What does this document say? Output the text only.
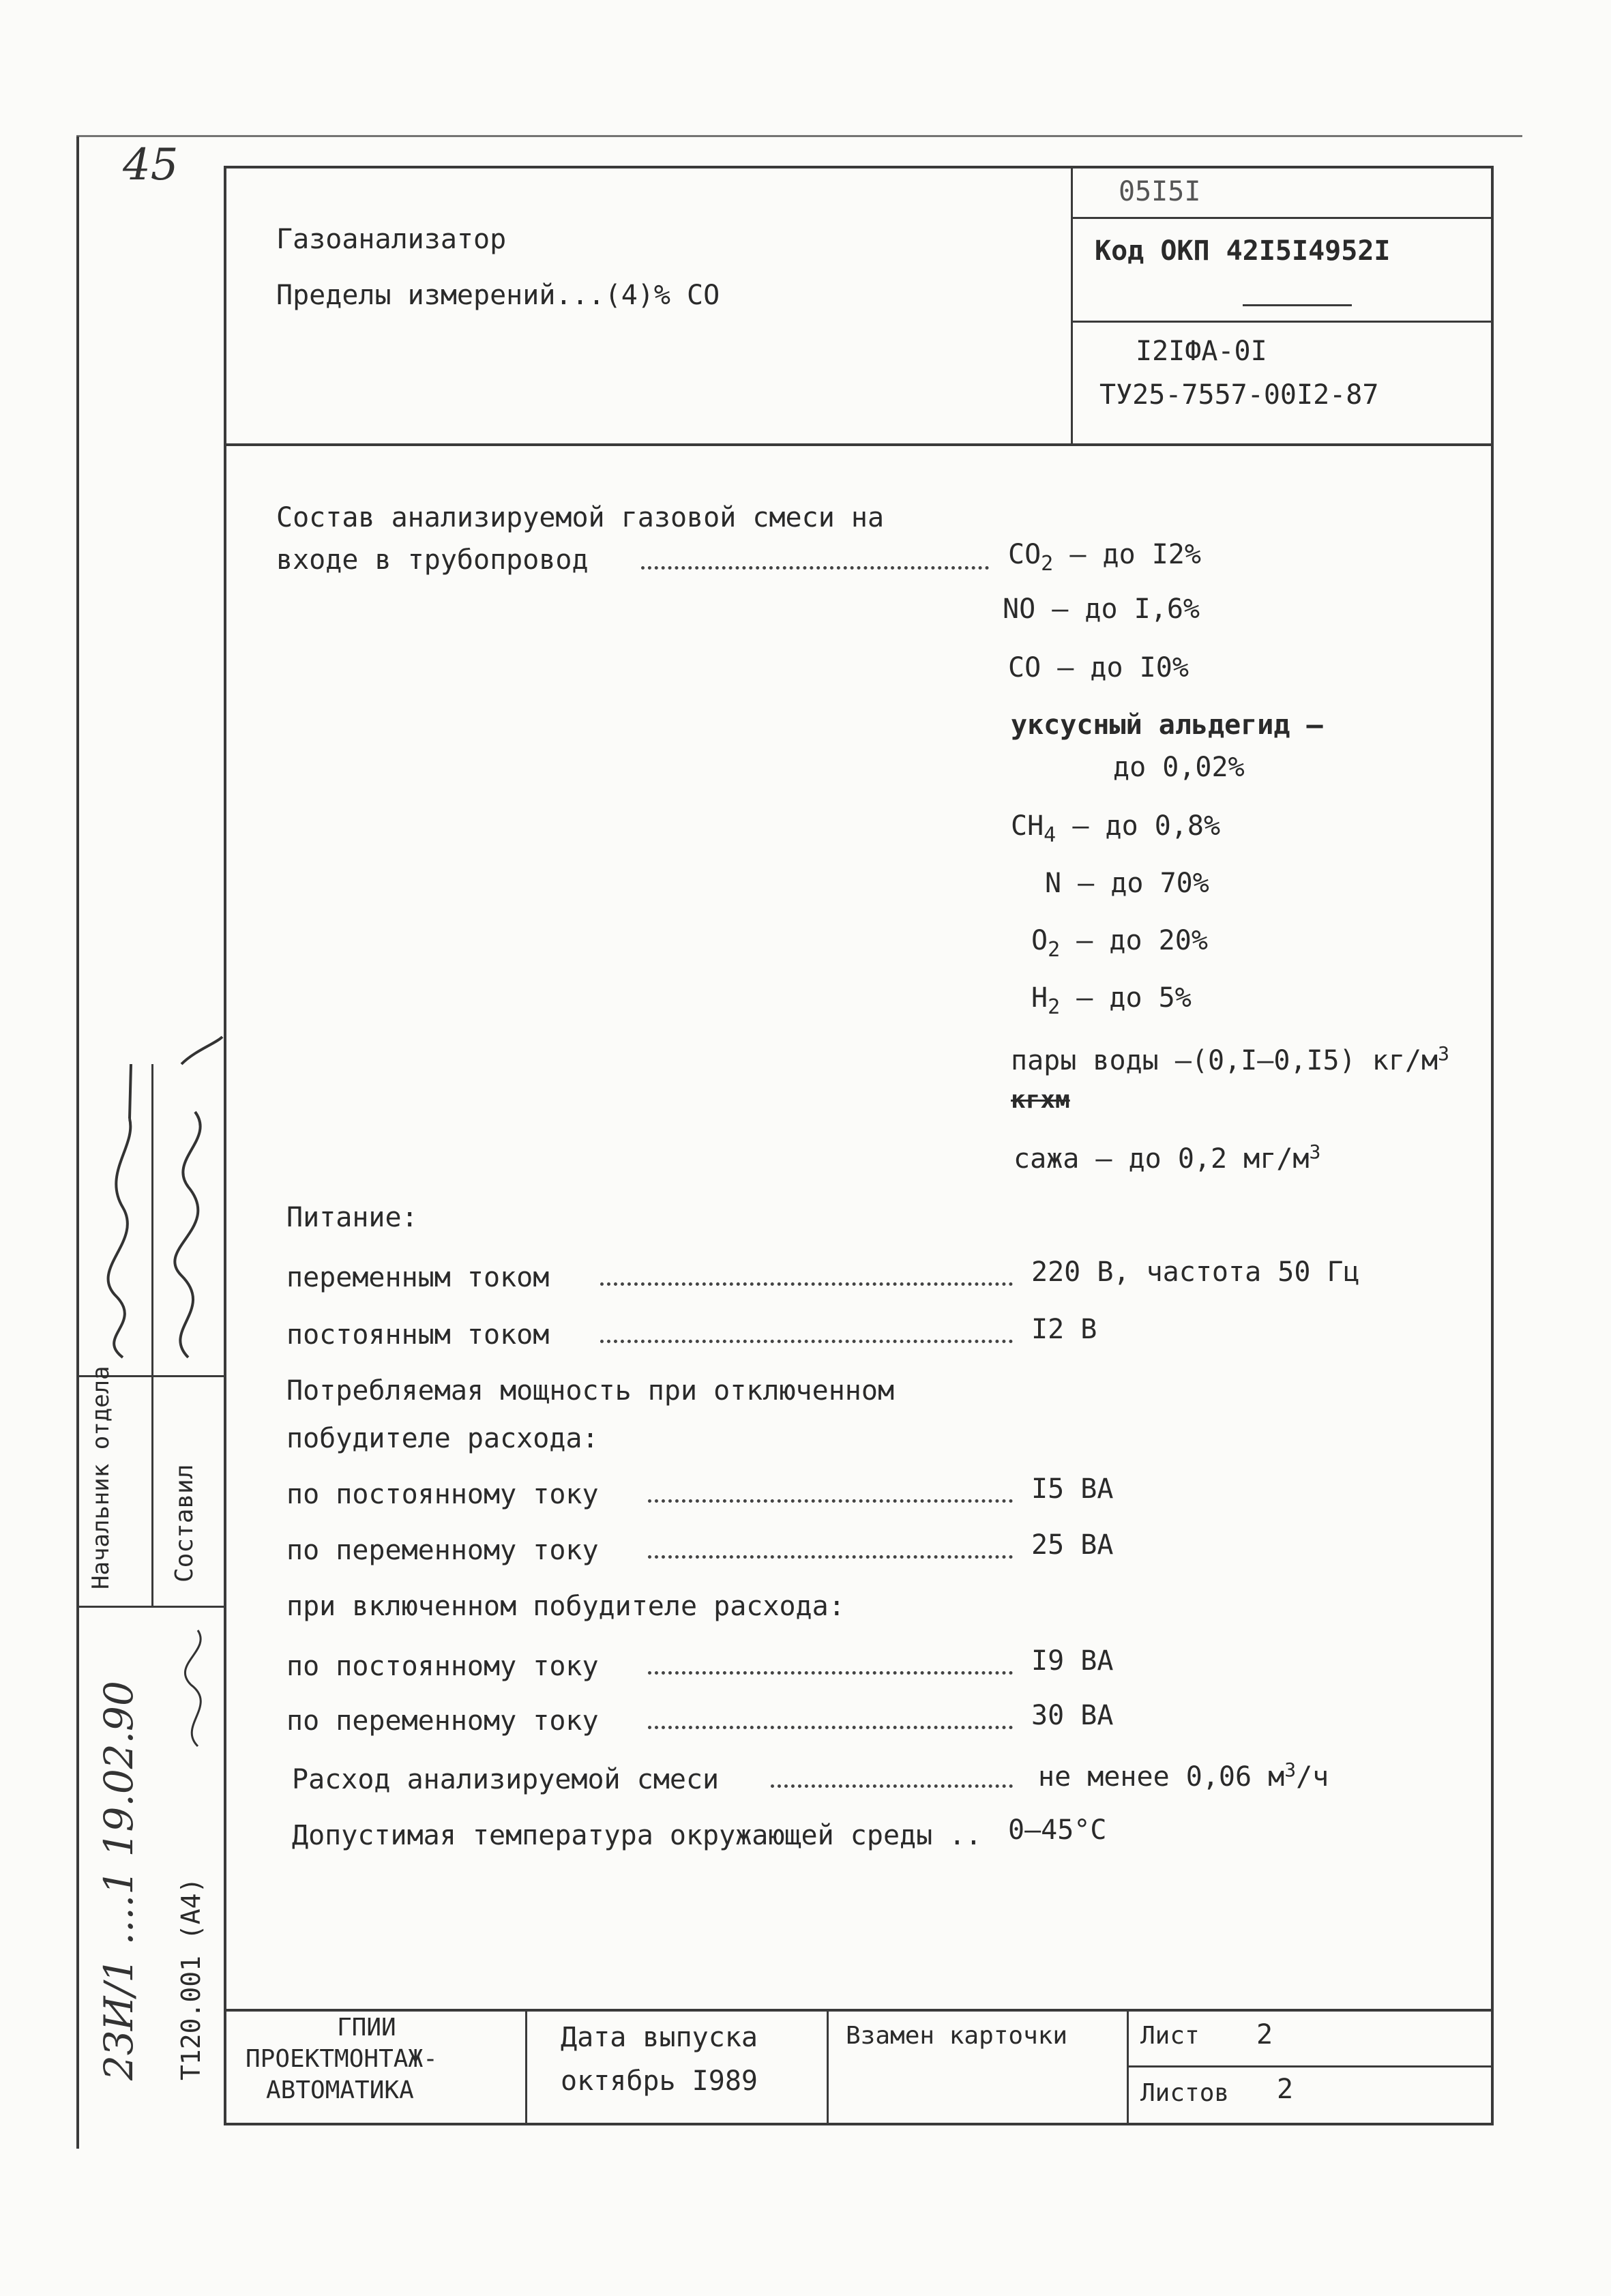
45
Газоанализатор
Пределы измерений...(4)% СО
05I5I
Код ОКП 42I5I4952I
I2IФА-0I
ТУ25-7557-00I2-87
Состав анализируемой газовой смеси на
входе в трубопровод	$СО_2$ – до I2%
NO – до I,6%
СО – до I0%
уксусный альдегид –
до 0,02%
$СН_4$ – до 0,8%
N – до 70%
$О_2$ – до 20%
$Н_2$ – до 5%
пары воды –(0,I–0,I5) $кг/м^3$
кгхм
сажа – до 0,2 $мг/м^3$
Питание:
переменным током	220 В, частота 50 Гц
постоянным током	I2 В
Потребляемая мощность при отключенном
побудителе расхода:
по постоянному току	I5 ВА
по переменному току	25 ВА
при включенном побудителе расхода:
по постоянному току	I9 ВА
по переменному току	30 ВА
Расход анализируемой смеси	не менее 0,06 $м^3/ч$
Допустимая температура окружающей среды .. 0–45°С
ГПИИ
ПРОЕКТМОНТАЖ-
АВТОМАТИКА
Дата выпуска
октябрь I989
Взамен карточки	Лист 2
Листов 2
Начальник отдела Составил
2ЗИ/1 ....1 19.02.90 Т120.001 (А4)
